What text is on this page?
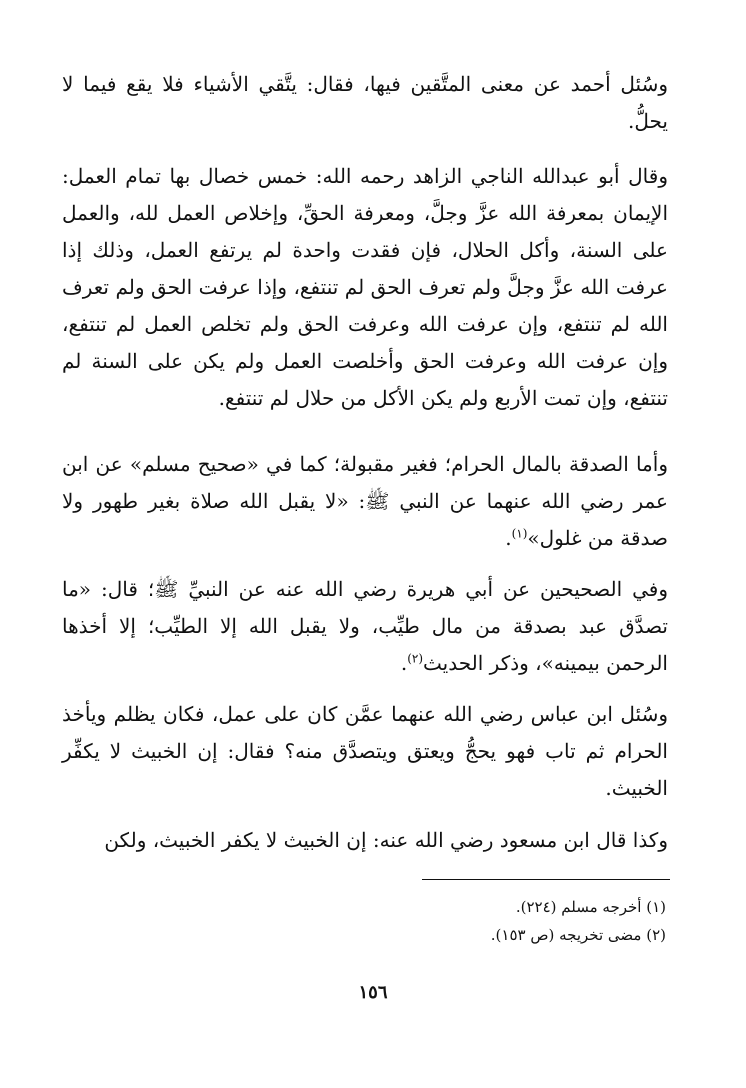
وسُئل أحمد عن معنى المتَّقين فيها، فقال: يتَّقي الأشياء فلا يقع فيما لا يحلُّ.

وقال أبو عبدالله الناجي الزاهد رحمه الله: خمس خصال بها تمام العمل: الإيمان بمعرفة الله عزَّ وجلَّ، ومعرفة الحقِّ، وإخلاص العمل لله، والعمل على السنة، وأكل الحلال، فإن فقدت واحدة لم يرتفع العمل، وذلك إذا عرفت الله عزَّ وجلَّ ولم تعرف الحق لم تنتفع، وإذا عرفت الحق ولم تعرف الله لم تنتفع، وإن عرفت الله وعرفت الحق ولم تخلص العمل لم تنتفع، وإن عرفت الله وعرفت الحق وأخلصت العمل ولم يكن على السنة لم تنتفع، وإن تمت الأربع ولم يكن الأكل من حلال لم تنتفع.

وأما الصدقة بالمال الحرام؛ فغير مقبولة؛ كما في «صحيح مسلم» عن ابن عمر رضي الله عنهما عن النبي ﷺ: «لا يقبل الله صلاة بغير طهور ولا صدقة من غلول»$^{(١)}$.

وفي الصحيحين عن أبي هريرة رضي الله عنه عن النبيِّ ﷺ؛ قال: «ما تصدَّق عبد بصدقة من مال طيِّب، ولا يقبل الله إلا الطيِّب؛ إلا أخذها الرحمن بيمينه»، وذكر الحديث$^{(٢)}$.

وسُئل ابن عباس رضي الله عنهما عمَّن كان على عمل، فكان يظلم ويأخذ الحرام ثم تاب فهو يحجُّ ويعتق ويتصدَّق منه؟ فقال: إن الخبيث لا يكفِّر الخبيث.

وكذا قال ابن مسعود رضي الله عنه: إن الخبيث لا يكفر الخبيث، ولكن

(١) أخرجه مسلم (٢٢٤).
(٢) مضى تخريجه (ص ١٥٣).
١٥٦
